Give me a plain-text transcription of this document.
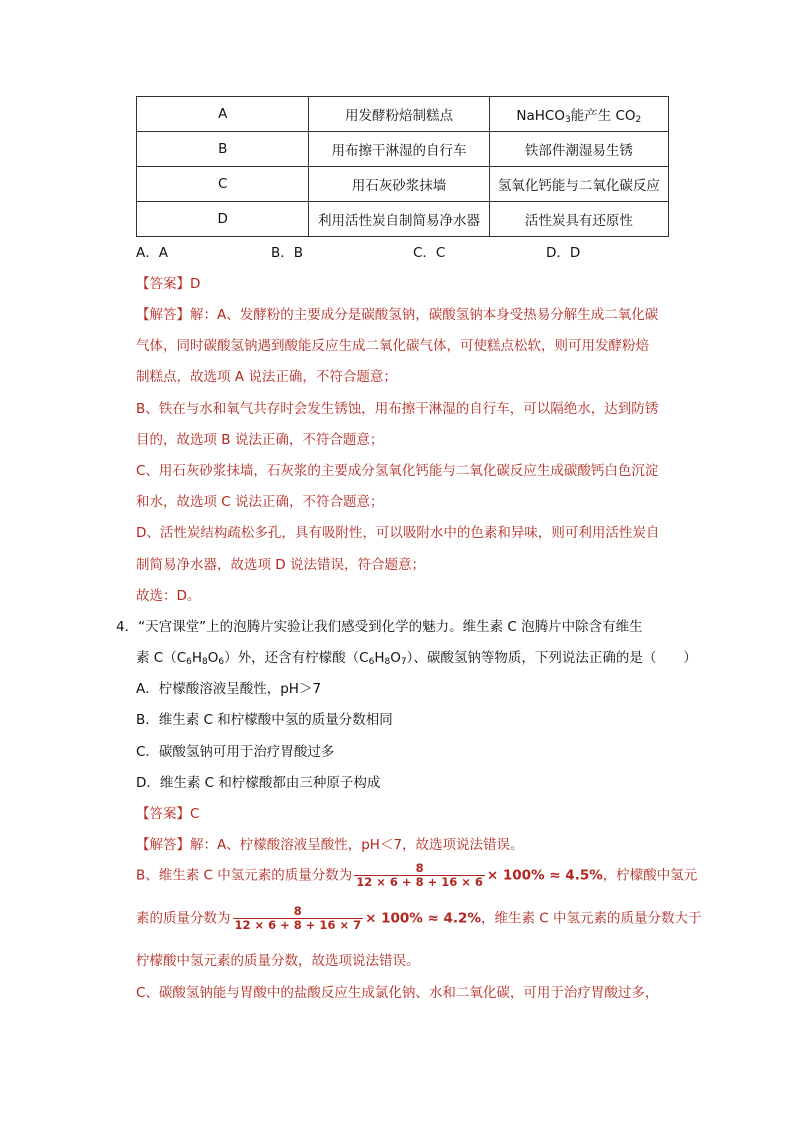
A	用发酵粉焙制糕点	NaHCO$_3$能产生 $CO_2$
B	用布擦干淋湿的自行车	铁部件潮湿易生锈
C	用石灰砂浆抹墙	氢氧化钙能与二氧化碳反应
D	利用活性炭自制简易净水器	活性炭具有还原性
A．A	B．B	C．C	D．D
【答案】D
【解答】解：A、发酵粉的主要成分是碳酸氢钠，碳酸氢钠本身受热易分解生成二氧化碳
气体，同时碳酸氢钠遇到酸能反应生成二氧化碳气体，可使糕点松软，则可用发酵粉焙
制糕点，故选项 A 说法正确，不符合题意；
B、铁在与水和氧气共存时会发生锈蚀，用布擦干淋湿的自行车，可以隔绝水，达到防锈
目的，故选项 B 说法正确，不符合题意；
C、用石灰砂浆抹墙，石灰浆的主要成分氢氧化钙能与二氧化碳反应生成碳酸钙白色沉淀
和水，故选项 C 说法正确，不符合题意；
D、活性炭结构疏松多孔，具有吸附性，可以吸附水中的色素和异味，则可利用活性炭自
制简易净水器，故选项 D 说法错误，符合题意；
故选：D。
4．“天宫课堂”上的泡腾片实验让我们感受到化学的魅力。维生素 C 泡腾片中除含有维生
素 $C(C_6H_8O_6)$外，还含有柠檬酸$(C_6H_8O_7)$、碳酸氢钠等物质，下列说法正确的是（　　）
A．柠檬酸溶液呈酸性，pH＞7
B．维生素 C 和柠檬酸中氢的质量分数相同
C．碳酸氢钠可用于治疗胃酸过多
D．维生素 C 和柠檬酸都由三种原子构成
【答案】C
【解答】解：A、柠檬酸溶液呈酸性，pH＜7，故选项说法错误。
B、维生素 C 中氢元素的质量分数为 $\frac{8}{12 \times 6 + 8 + 16 \times 6} \times 100\% \approx 4.5\%$，柠檬酸中氢元
素的质量分数为 $\frac{8}{12 \times 6 + 8 + 16 \times 7} \times 100\% \approx 4.2\%$，维生素 C 中氢元素的质量分数大于
柠檬酸中氢元素的质量分数，故选项说法错误。
C、碳酸氢钠能与胃酸中的盐酸反应生成氯化钠、水和二氧化碳，可用于治疗胃酸过多，
